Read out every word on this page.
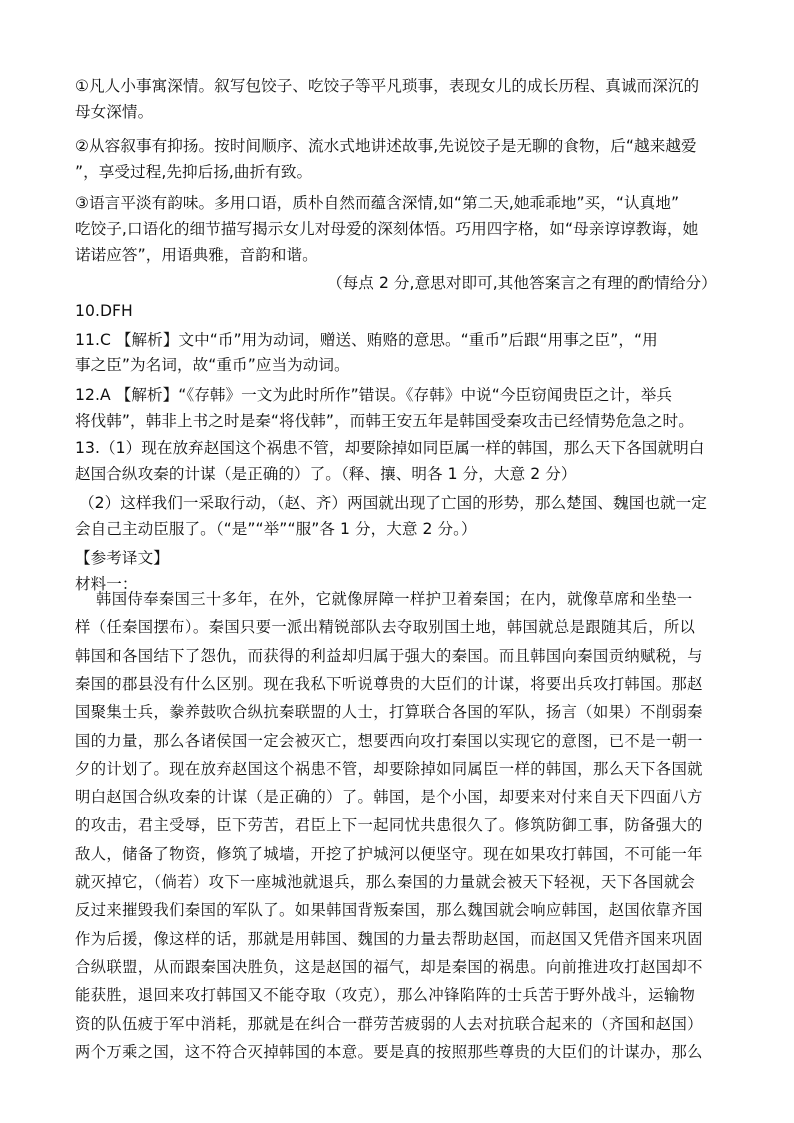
①凡人小事寓深情。叙写包饺子、吃饺子等平凡琐事，表现女儿的成长历程、真诚而深沉的
母女深情。
②从容叙事有抑扬。按时间顺序、流水式地讲述故事,先说饺子是无聊的食物，后“越来越爱
”，享受过程,先抑后扬,曲折有致。
③语言平淡有韵味。多用口语，质朴自然而蕴含深情,如“第二天,她乖乖地”买，“认真地”
吃饺子,口语化的细节描写揭示女儿对母爱的深刻体悟。巧用四字格，如“母亲谆谆教诲，她
诺诺应答”，用语典雅，音韵和谐。
（每点 2 分,意思对即可,其他答案言之有理的酌情给分）
10.DFH
11.C 【解析】文中“币”用为动词，赠送、贿赂的意思。“重币”后跟“用事之臣”，“用
事之臣”为名词，故“重币”应当为动词。
12.A 【解析】“《存韩》一文为此时所作”错误。《存韩》中说“今臣窃闻贵臣之计，举兵
将伐韩”，韩非上书之时是秦“将伐韩”，而韩王安五年是韩国受秦攻击已经情势危急之时。
13.（1）现在放弃赵国这个祸患不管，却要除掉如同臣属一样的韩国，那么天下各国就明白
赵国合纵攻秦的计谋（是正确的）了。（释、攘、明各 1 分，大意 2 分）
（2）这样我们一采取行动，（赵、齐）两国就出现了亡国的形势，那么楚国、魏国也就一定
会自己主动臣服了。（“是”“举”“服”各 1 分，大意 2 分。）
【参考译文】
材料一：
韩国侍奉秦国三十多年，在外，它就像屏障一样护卫着秦国；在内，就像草席和坐垫一
样（任秦国摆布）。秦国只要一派出精锐部队去夺取别国土地，韩国就总是跟随其后，所以
韩国和各国结下了怨仇，而获得的利益却归属于强大的秦国。而且韩国向秦国贡纳赋税，与
秦国的郡县没有什么区别。现在我私下听说尊贵的大臣们的计谋，将要出兵攻打韩国。那赵
国聚集士兵，豢养鼓吹合纵抗秦联盟的人士，打算联合各国的军队，扬言（如果）不削弱秦
国的力量，那么各诸侯国一定会被灭亡，想要西向攻打秦国以实现它的意图，已不是一朝一
夕的计划了。现在放弃赵国这个祸患不管，却要除掉如同属臣一样的韩国，那么天下各国就
明白赵国合纵攻秦的计谋（是正确的）了。韩国，是个小国，却要来对付来自天下四面八方
的攻击，君主受辱，臣下劳苦，君臣上下一起同忧共患很久了。修筑防御工事，防备强大的
敌人，储备了物资，修筑了城墙，开挖了护城河以便坚守。现在如果攻打韩国，不可能一年
就灭掉它，（倘若）攻下一座城池就退兵，那么秦国的力量就会被天下轻视，天下各国就会
反过来摧毁我们秦国的军队了。如果韩国背叛秦国，那么魏国就会响应韩国，赵国依靠齐国
作为后援，像这样的话，那就是用韩国、魏国的力量去帮助赵国，而赵国又凭借齐国来巩固
合纵联盟，从而跟秦国决胜负，这是赵国的福气，却是秦国的祸患。向前推进攻打赵国却不
能获胜，退回来攻打韩国又不能夺取（攻克），那么冲锋陷阵的士兵苦于野外战斗，运输物
资的队伍疲于军中消耗，那就是在纠合一群劳苦疲弱的人去对抗联合起来的（齐国和赵国）
两个万乘之国，这不符合灭掉韩国的本意。要是真的按照那些尊贵的大臣们的计谋办，那么
